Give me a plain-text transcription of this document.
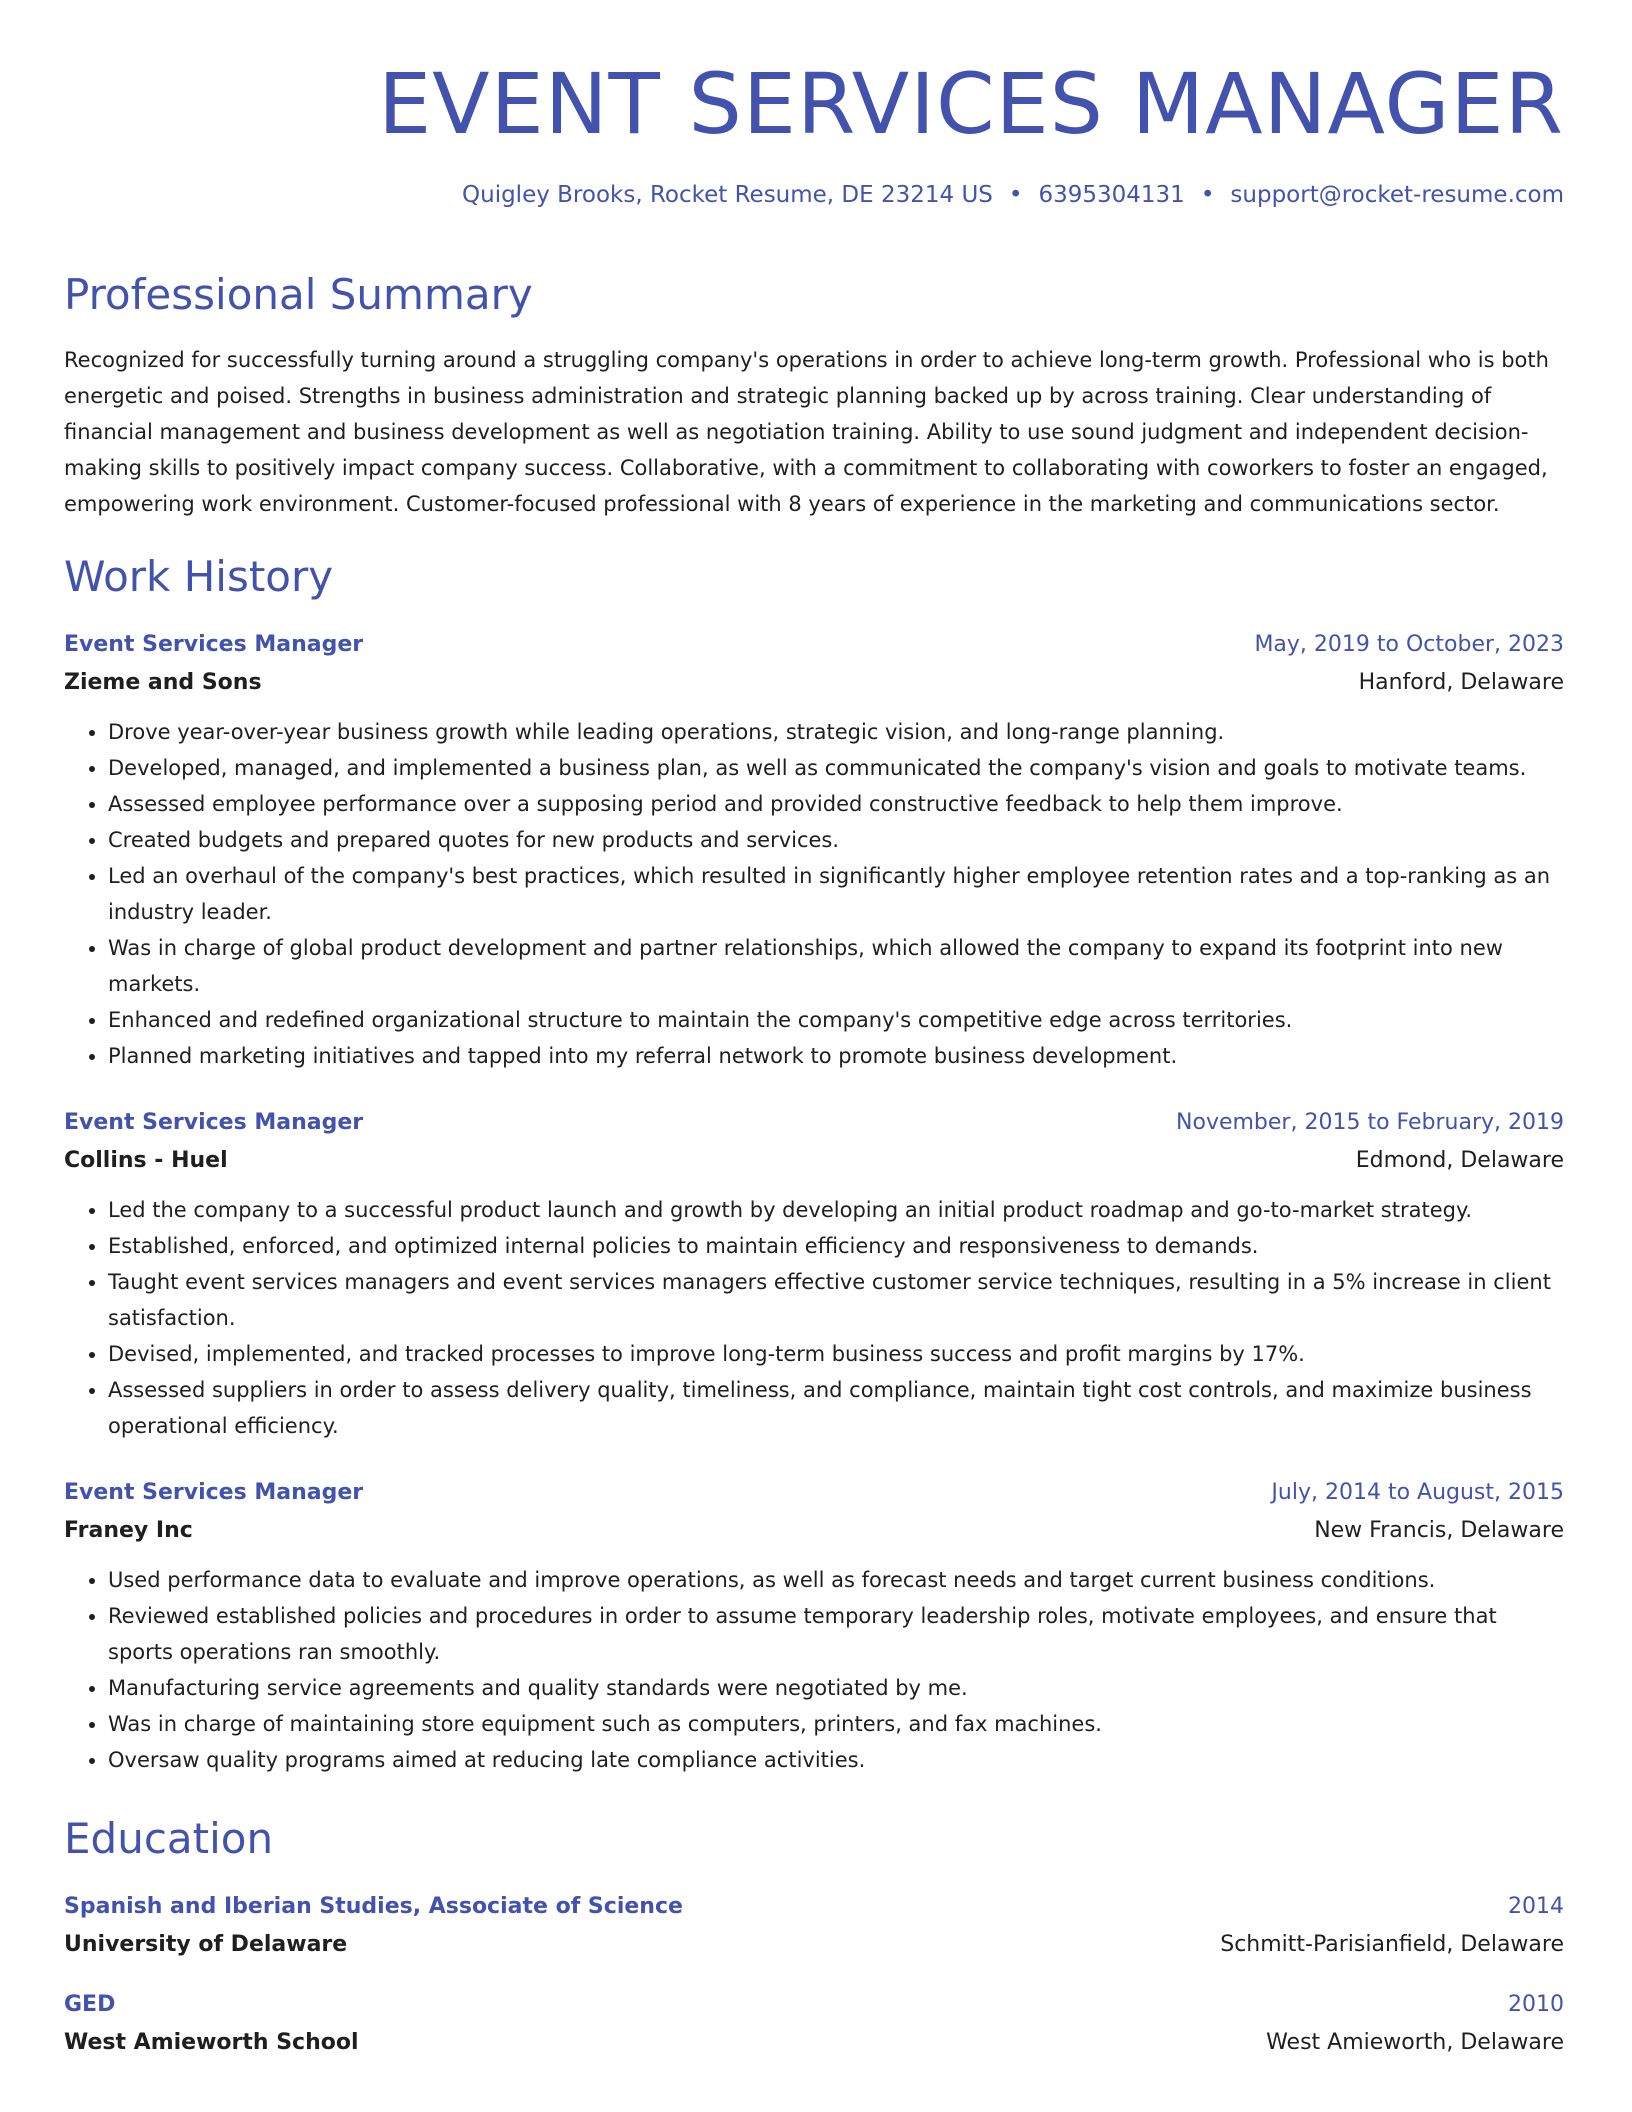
EVENT SERVICES MANAGER
Quigley Brooks, Rocket Resume, DE 23214 US • 6395304131 • support@rocket-resume.com
Professional Summary
Recognized for successfully turning around a struggling company's operations in order to achieve long-term growth. Professional who is both energetic and poised. Strengths in business administration and strategic planning backed up by across training. Clear understanding of financial management and business development as well as negotiation training. Ability to use sound judgment and independent decision-making skills to positively impact company success. Collaborative, with a commitment to collaborating with coworkers to foster an engaged, empowering work environment. Customer-focused professional with 8 years of experience in the marketing and communications sector.
Work History
Event Services Manager	May, 2019 to October, 2023
Zieme and Sons	Hanford, Delaware
• Drove year-over-year business growth while leading operations, strategic vision, and long-range planning.
• Developed, managed, and implemented a business plan, as well as communicated the company's vision and goals to motivate teams.
• Assessed employee performance over a supposing period and provided constructive feedback to help them improve.
• Created budgets and prepared quotes for new products and services.
• Led an overhaul of the company's best practices, which resulted in significantly higher employee retention rates and a top-ranking as an industry leader.
• Was in charge of global product development and partner relationships, which allowed the company to expand its footprint into new markets.
• Enhanced and redefined organizational structure to maintain the company's competitive edge across territories.
• Planned marketing initiatives and tapped into my referral network to promote business development.
Event Services Manager	November, 2015 to February, 2019
Collins - Huel	Edmond, Delaware
• Led the company to a successful product launch and growth by developing an initial product roadmap and go-to-market strategy.
• Established, enforced, and optimized internal policies to maintain efficiency and responsiveness to demands.
• Taught event services managers and event services managers effective customer service techniques, resulting in a 5% increase in client satisfaction.
• Devised, implemented, and tracked processes to improve long-term business success and profit margins by 17%.
• Assessed suppliers in order to assess delivery quality, timeliness, and compliance, maintain tight cost controls, and maximize business operational efficiency.
Event Services Manager	July, 2014 to August, 2015
Franey Inc	New Francis, Delaware
• Used performance data to evaluate and improve operations, as well as forecast needs and target current business conditions.
• Reviewed established policies and procedures in order to assume temporary leadership roles, motivate employees, and ensure that sports operations ran smoothly.
• Manufacturing service agreements and quality standards were negotiated by me.
• Was in charge of maintaining store equipment such as computers, printers, and fax machines.
• Oversaw quality programs aimed at reducing late compliance activities.
Education
Spanish and Iberian Studies, Associate of Science	2014
University of Delaware	Schmitt-Parisianfield, Delaware
GED	2010
West Amieworth School	West Amieworth, Delaware
